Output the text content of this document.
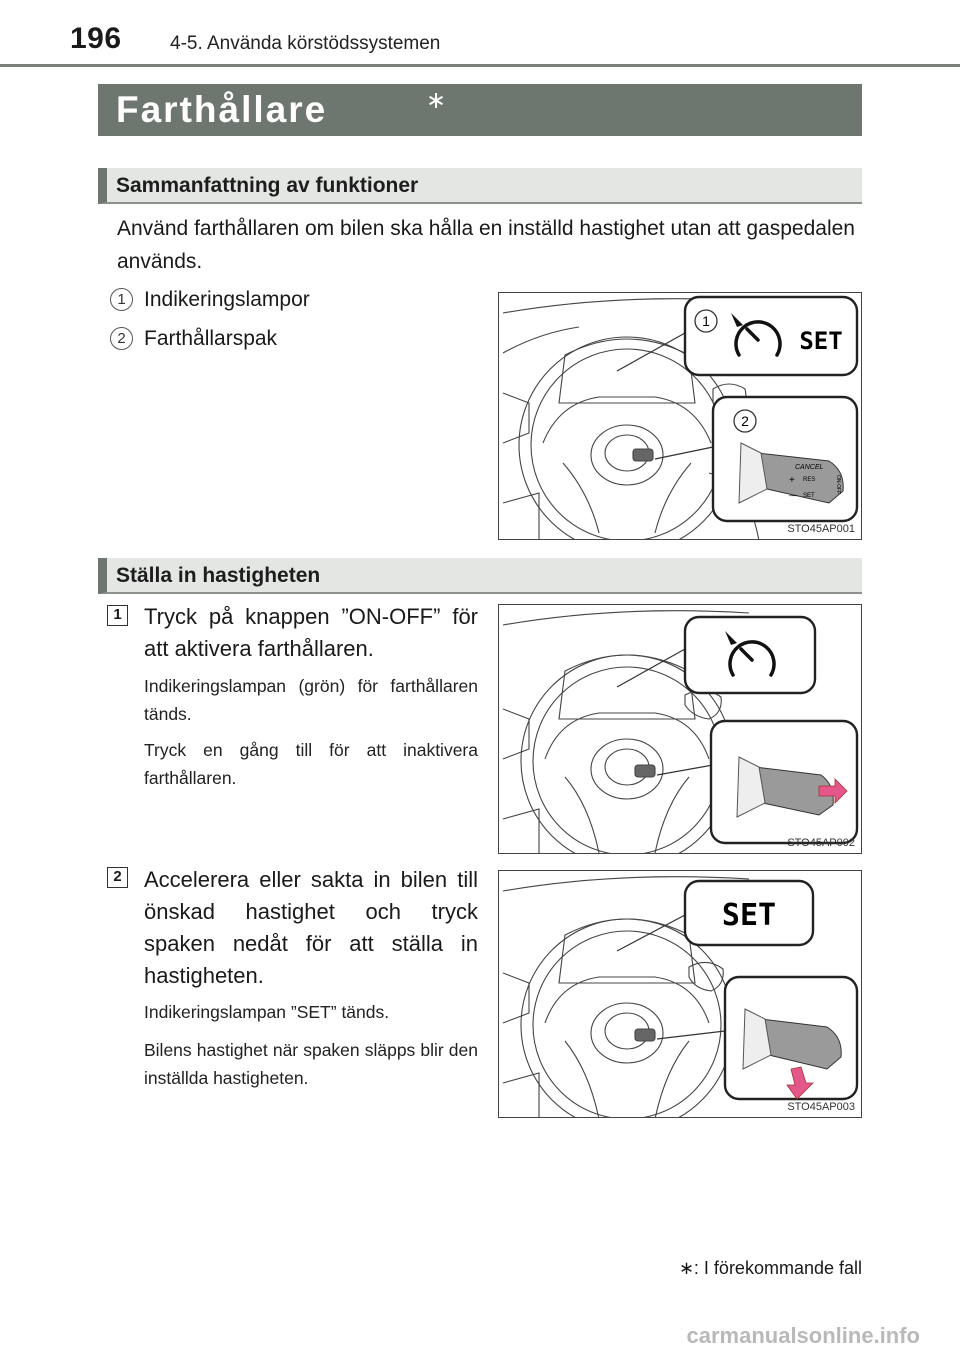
196	4-5. Använda körstödssystemen
Farthållare	∗
Sammanfattning av funktioner
Använd farthållaren om bilen ska hålla en inställd hastighet utan att gaspedalen används.
1 Indikeringslampor
2 Farthållarspak
1
SET
2
CANCEL
+ RES
— SET
ON-OFF
STO45AP001
Ställa in hastigheten
1 Tryck på knappen ”ON-OFF” för att aktivera farthållaren.
Indikeringslampan (grön) för farthållaren tänds.
Tryck en gång till för att inaktivera farthållaren.
STO45AP002
2 Accelerera eller sakta in bilen till önskad hastighet och tryck spaken nedåt för att ställa in hastigheten.
Indikeringslampan ”SET” tänds.
Bilens hastighet när spaken släpps blir den inställda hastigheten.
SET
STO45AP003
∗: I förekommande fall
carmanualsonline.info
